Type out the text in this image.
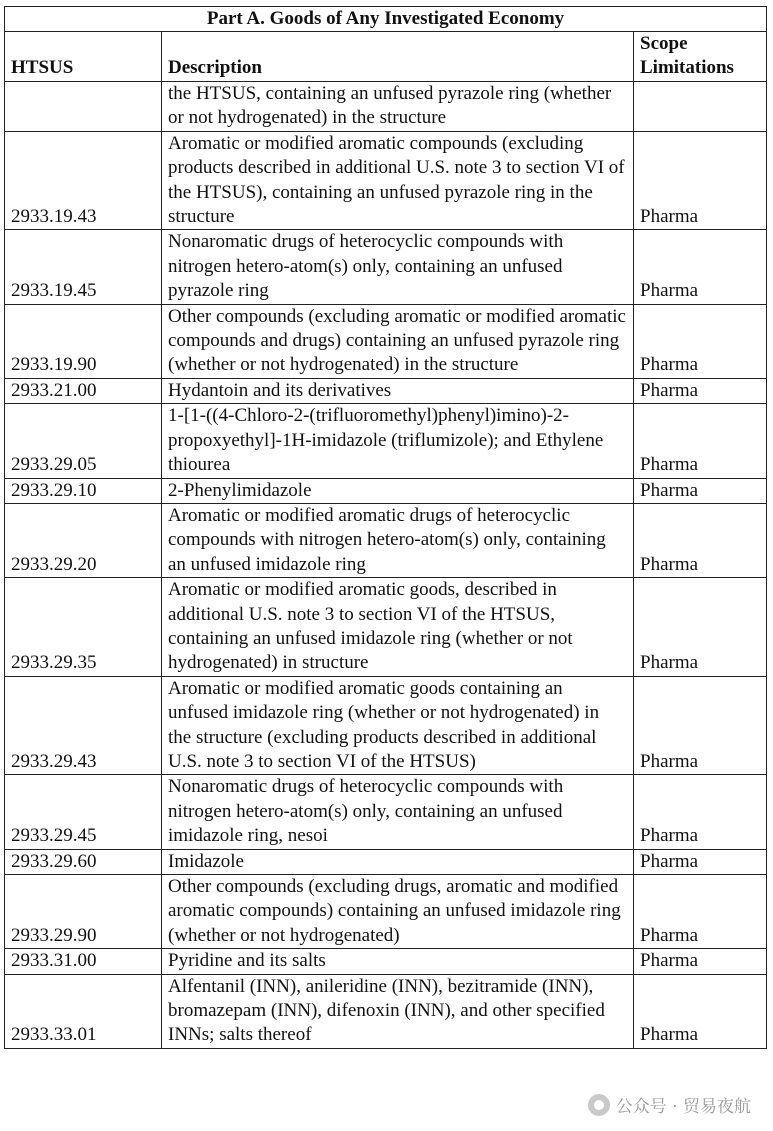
Part A. Goods of Any Investigated Economy		
HTSUS	Description	Scope
Limitations

	the HTSUS, containing an unfused pyrazole ring (whether or not hydrogenated) in the structure	
2933.19.43	Aromatic or modified aromatic compounds (excluding products described in additional U.S. note 3 to section VI of the HTSUS), containing an unfused pyrazole ring in the structure	Pharma
2933.19.45	Nonaromatic drugs of heterocyclic compounds with nitrogen hetero-atom(s) only, containing an unfused pyrazole ring	Pharma
2933.19.90	Other compounds (excluding aromatic or modified aromatic compounds and drugs) containing an unfused pyrazole ring (whether or not hydrogenated) in the structure	Pharma
2933.21.00	Hydantoin and its derivatives	Pharma
2933.29.05	1-[1-((4-Chloro-2-(trifluoromethyl)phenyl)imino)-2-propoxyethyl]-1H-imidazole (triflumizole); and Ethylene thiourea	Pharma
2933.29.10	2-Phenylimidazole	Pharma
2933.29.20	Aromatic or modified aromatic drugs of heterocyclic compounds with nitrogen hetero-atom(s) only, containing an unfused imidazole ring	Pharma
2933.29.35	Aromatic or modified aromatic goods, described in additional U.S. note 3 to section VI of the HTSUS, containing an unfused imidazole ring (whether or not hydrogenated) in structure	Pharma
2933.29.43	Aromatic or modified aromatic goods containing an unfused imidazole ring (whether or not hydrogenated) in the structure (excluding products described in additional U.S. note 3 to section VI of the HTSUS)	Pharma
2933.29.45	Nonaromatic drugs of heterocyclic compounds with nitrogen hetero-atom(s) only, containing an unfused imidazole ring, nesoi	Pharma
2933.29.60	Imidazole	Pharma
2933.29.90	Other compounds (excluding drugs, aromatic and modified aromatic compounds) containing an unfused imidazole ring (whether or not hydrogenated)	Pharma
2933.31.00	Pyridine and its salts	Pharma
2933.33.01	Alfentanil (INN), anileridine (INN), bezitramide (INN), bromazepam (INN), difenoxin (INN), and other specified INNs; salts thereof	Pharma
公众号 · 贸易夜航
